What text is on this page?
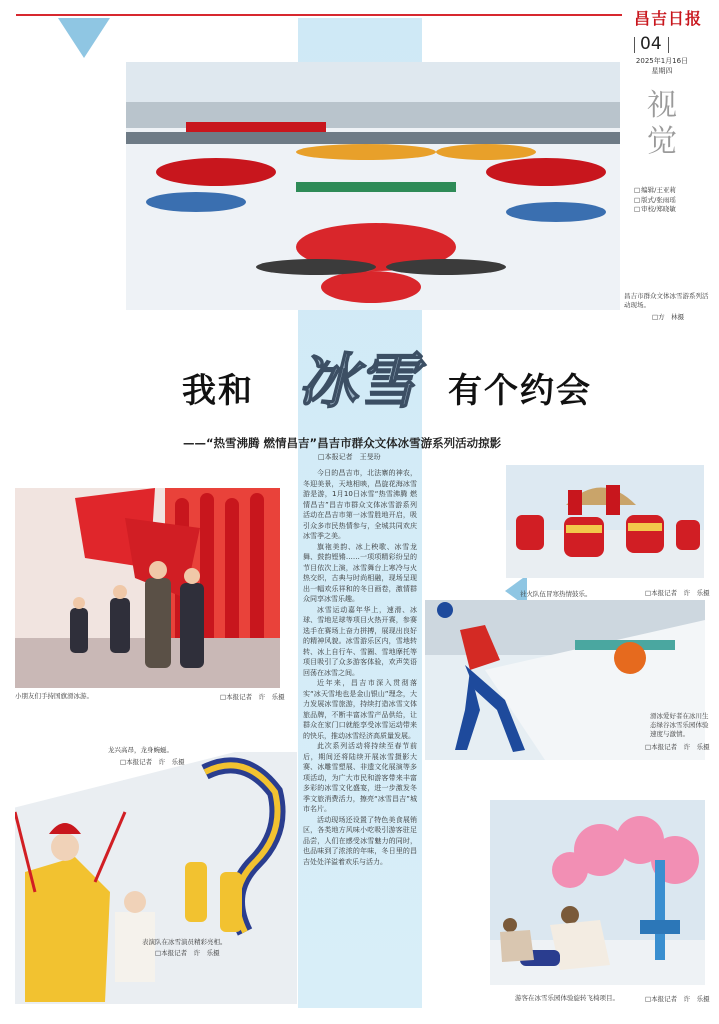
昌吉日报
04
2025年1月16日
星期四
视觉
□ 编辑/王亚莉
□ 版式/张雨瑶
□ 审校/郑晓敏
昌吉市群众文体冰雪游系列活动现场。
□方　林摄
我和 冰雪 有个约会
——“热雪沸腾 燃情昌吉”昌吉市群众文体冰雪游系列活动掠影
□本报记者　王旻玢

今日的昌吉市，北法寨的神农，冬迎美景，天地相映，昌旋花海冰雪游是游，1月10日冰雪“热雪沸腾 燃情昌吉”昌吉市群众文体冰雪游系列活动在昌吉市第一冰雪胜地开启，吸引众多市民热情参与，全城共同欢庆冰雪季之美。

旗袍美韵、冰上秧歌、冰雪龙舞、鼓韵铿锵……一项项精彩纷呈的节目依次上演，冰雪舞台上寒冷与火热交织，古典与时尚相融，现场呈现出一幅欢乐祥和的冬日画卷，激情群众同享冰雪乐趣。

冰雪运动嘉年华上，速滑、冰球、雪地足球等项目火热开赛，参赛选手在赛场上奋力拼搏，展现出良好的精神风貌。冰雪游乐区内，雪地转转、冰上自行车、雪圈、雪地摩托等项目吸引了众多游客体验，欢声笑语回荡在冰雪之间。

近年来，昌吉市深入贯彻落实“冰天雪地也是金山银山”理念，大力发展冰雪旅游，持续打造冰雪文体旅品牌，不断丰富冰雪产品供给，让群众在家门口就能享受冰雪运动带来的快乐，推动冰雪经济高质量发展。

此次系列活动将持续至春节前后，期间还将陆续开展冰雪摄影大赛、冰雕雪塑展、非遗文化展演等多项活动，为广大市民和游客带来丰富多彩的冰雪文化盛宴，进一步激发冬季文旅消费活力，擦亮“冰雪昌吉”城市名片。

活动现场还设置了特色美食展销区，各类地方风味小吃吸引游客驻足品尝，人们在感受冰雪魅力的同时，也品味到了浓浓的年味，冬日里的昌吉处处洋溢着欢乐与活力。

小朋友们手持国旗滑冰游。	□本报记者　许　乐摄
社火队伍冒寒热情鼓乐。	□本报记者　许　乐摄
滑冰爱好者在冰川生态绿谷冰雪乐园体验速度与激情。
□本报记者　许　乐摄
龙兴高昂，龙身蜿蜒。
□本报记者　许　乐摄
表演队在冰雪演员精彩亮相。
□本报记者　许　乐摄
游客在冰雪乐园体验旋转飞椅项目。	□本报记者　许　乐摄
